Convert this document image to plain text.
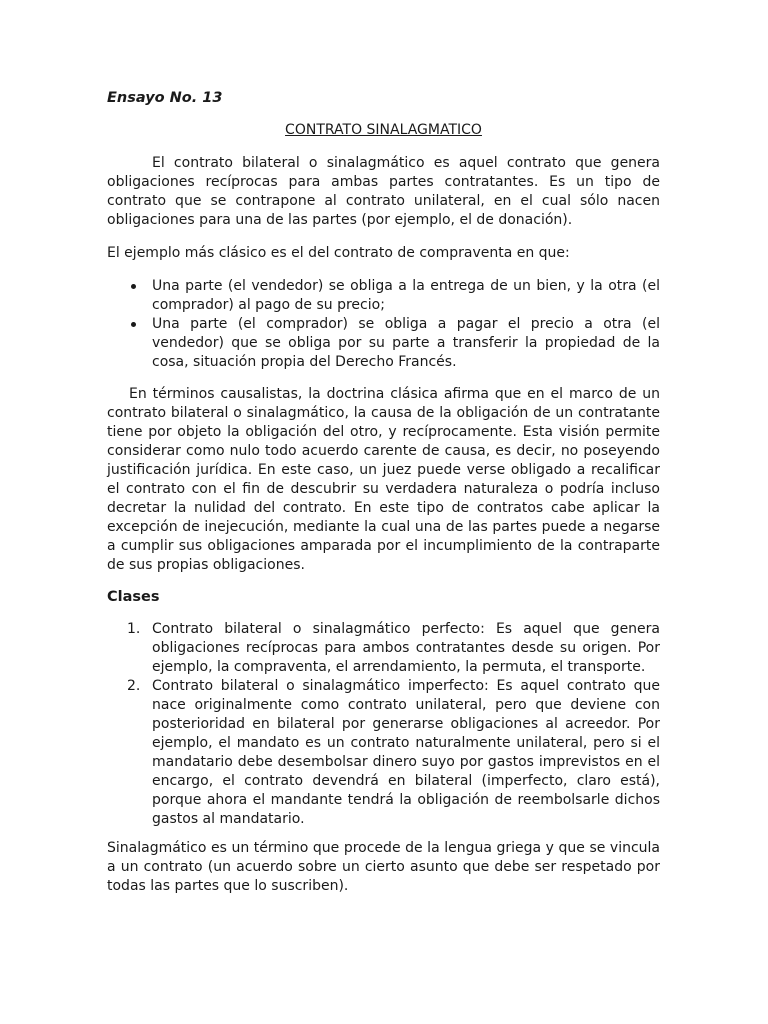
Ensayo No. 13

CONTRATO SINALAGMATICO

El contrato bilateral o sinalagmático es aquel contrato que genera obligaciones recíprocas para ambas partes contratantes. Es un tipo de contrato que se contrapone al contrato unilateral, en el cual sólo nacen obligaciones para una de las partes (por ejemplo, el de donación).

El ejemplo más clásico es el del contrato de compraventa en que:

Una parte (el vendedor) se obliga a la entrega de un bien, y la otra (el comprador) al pago de su precio;
Una parte (el comprador) se obliga a pagar el precio a otra (el vendedor) que se obliga por su parte a transferir la propiedad de la cosa, situación propia del Derecho Francés.

En términos causalistas, la doctrina clásica afirma que en el marco de un contrato bilateral o sinalagmático, la causa de la obligación de un contratante tiene por objeto la obligación del otro, y recíprocamente. Esta visión permite considerar como nulo todo acuerdo carente de causa, es decir, no poseyendo justificación jurídica. En este caso, un juez puede verse obligado a recalificar el contrato con el fin de descubrir su verdadera naturaleza o podría incluso decretar la nulidad del contrato. En este tipo de contratos cabe aplicar la excepción de inejecución, mediante la cual una de las partes puede a negarse a cumplir sus obligaciones amparada por el incumplimiento de la contraparte de sus propias obligaciones.

Clases

1. Contrato bilateral o sinalagmático perfecto: Es aquel que genera obligaciones recíprocas para ambos contratantes desde su origen. Por ejemplo, la compraventa, el arrendamiento, la permuta, el transporte.
2. Contrato bilateral o sinalagmático imperfecto: Es aquel contrato que nace originalmente como contrato unilateral, pero que deviene con posterioridad en bilateral por generarse obligaciones al acreedor. Por ejemplo, el mandato es un contrato naturalmente unilateral, pero si el mandatario debe desembolsar dinero suyo por gastos imprevistos en el encargo, el contrato devendrá en bilateral (imperfecto, claro está), porque ahora el mandante tendrá la obligación de reembolsarle dichos gastos al mandatario.

Sinalagmático es un término que procede de la lengua griega y que se vincula a un contrato (un acuerdo sobre un cierto asunto que debe ser respetado por todas las partes que lo suscriben).
